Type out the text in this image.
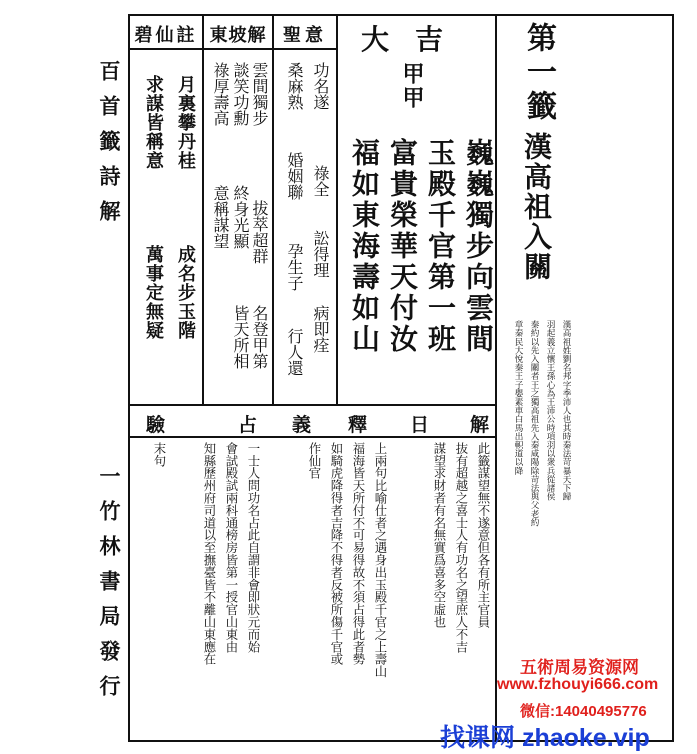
百首籤詩解
一竹林書局發行
第一籤
漢高祖入關
漢高祖姓劉名邦字季沛人也其時秦法苛暴天下歸
羽起義立懷王孫心為王沛公時項羽以衆兵從諸侯
秦約以先入關者王之獨高祖先入秦咸陽除苛法與父老約
章秦民大悅秦王子嬰素車白馬出軹道以降
大吉
甲甲
巍巍獨步向雲間
玉殿千官第一班
富貴榮華天付汝
福如東海壽如山
聖意
東坡解
碧仙註
功名遂
祿全
訟得理
病即痊
桑麻熟
婚姻聯
孕生子
行人還
雲間獨步
拔萃超群
名登甲第
談笑功勳
終身光顯
皆天所相
祿厚壽高
意稱謀望
月裏攀丹桂
成名步玉階
求謀皆稱意
萬事定無疑
解
日
釋
義
占
驗
此籤謀望無不遂意但各有所主官員
抜有超越之喜士人有功名之望庶人不吉
謀望求財者有名無實爲喜多空虛也
上兩句比喻仕者之遇身出玉殿千官之上壽山
福海皆天所付不可易得故不須占得此者勢
如騎虎降得者吉降不得者反被所傷千官或
作仙官
一士人問功名占此自謂非會即狀元而始
會試殿試兩科通榜房皆第一授官山東由
知縣歷州府司道以至撫臺皆不離山東應在
末句
五術周易资源网
www.fzhouyi666.com
微信:14040495776
找课网 zhaoke.vip
